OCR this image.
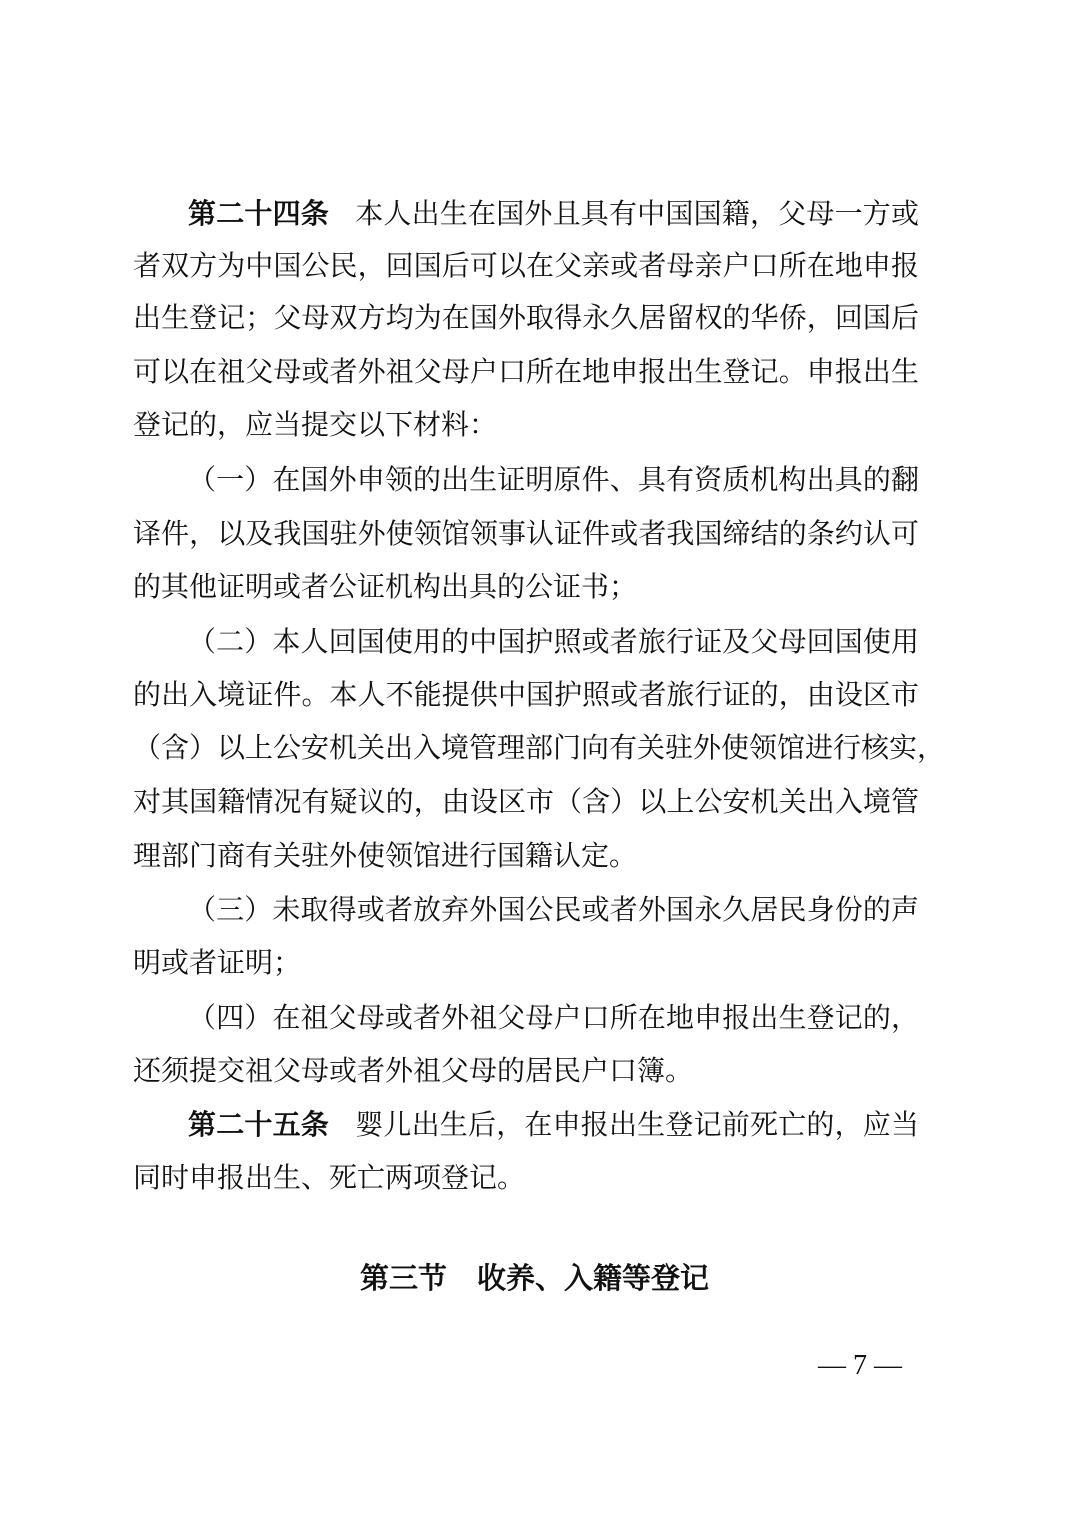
第二十四条 本人出生在国外且具有中国国籍，父母一方或
者双方为中国公民，回国后可以在父亲或者母亲户口所在地申报
出生登记；父母双方均为在国外取得永久居留权的华侨，回国后
可以在祖父母或者外祖父母户口所在地申报出生登记。申报出生
登记的，应当提交以下材料：
（一）在国外申领的出生证明原件、具有资质机构出具的翻
译件，以及我国驻外使领馆领事认证件或者我国缔结的条约认可
的其他证明或者公证机构出具的公证书；
（二）本人回国使用的中国护照或者旅行证及父母回国使用
的出入境证件。本人不能提供中国护照或者旅行证的，由设区市
（含）以上公安机关出入境管理部门向有关驻外使领馆进行核实，
对其国籍情况有疑议的，由设区市（含）以上公安机关出入境管
理部门商有关驻外使领馆进行国籍认定。
（三）未取得或者放弃外国公民或者外国永久居民身份的声
明或者证明；
（四）在祖父母或者外祖父母户口所在地申报出生登记的，
还须提交祖父母或者外祖父母的居民户口簿。
第二十五条 婴儿出生后，在申报出生登记前死亡的，应当
同时申报出生、死亡两项登记。
第三节 收养、入籍等登记
— 7 —
